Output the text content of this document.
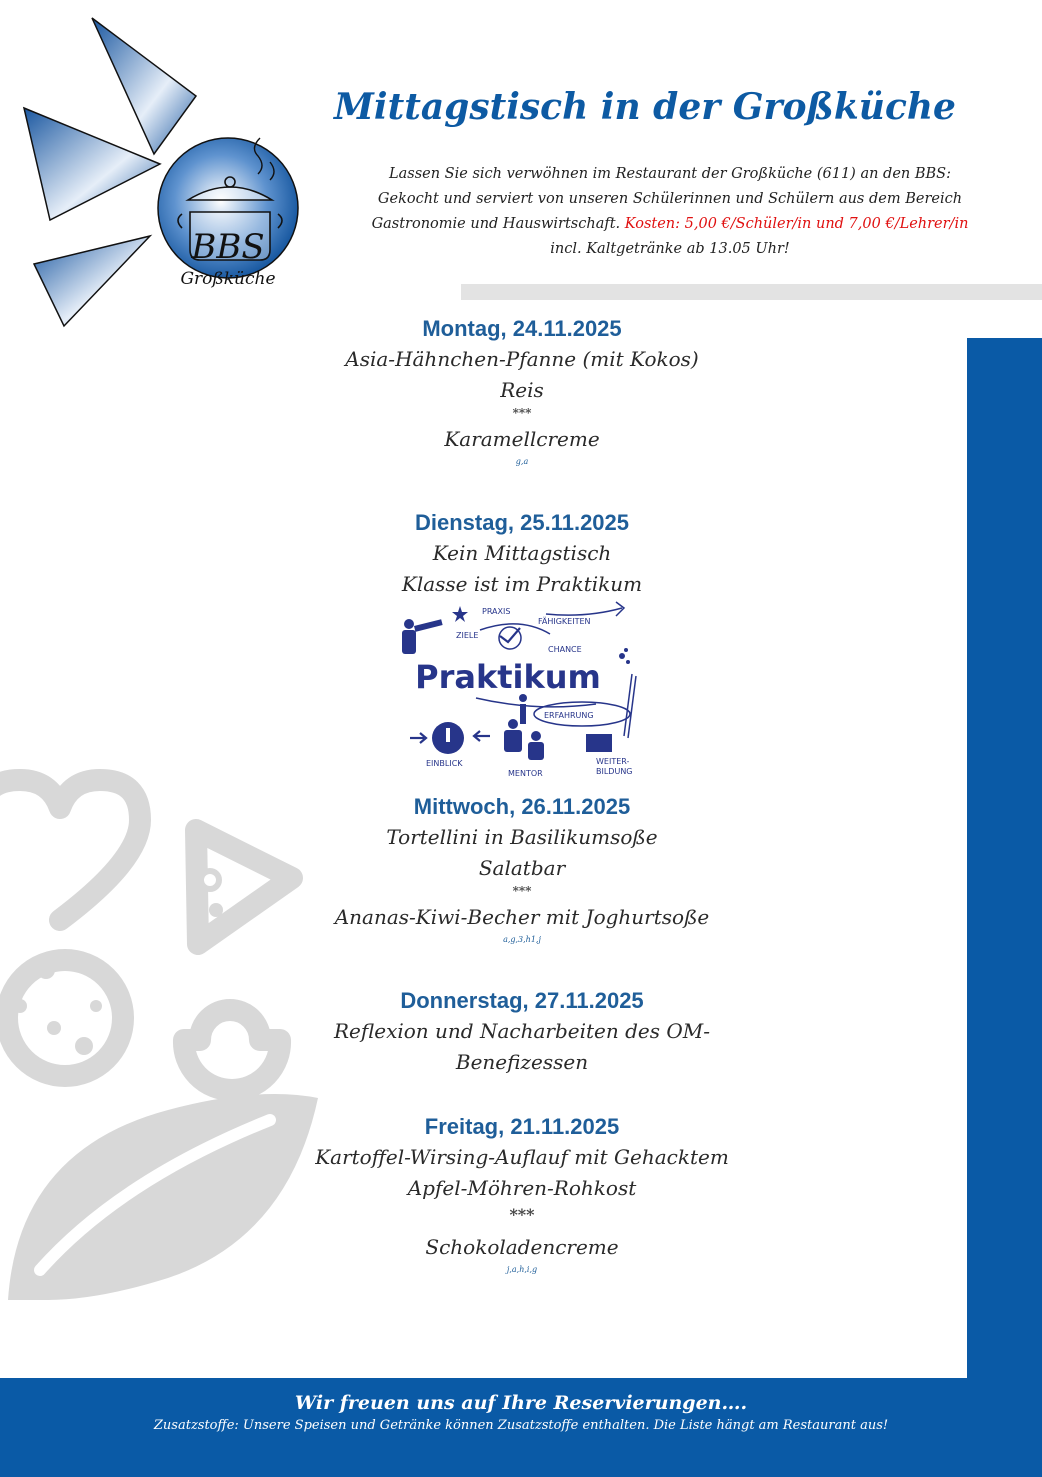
BBS
Großküche
Mittagstisch in der Großküche
Lassen Sie sich verwöhnen im Restaurant der Großküche (611) an den BBS:
Gekocht und serviert von unseren Schülerinnen und Schülern aus dem Bereich
Gastronomie und Hauswirtschaft. Kosten: 5,00 €/Schüler/in und 7,00 €/Lehrer/in
incl. Kaltgetränke ab 13.05 Uhr!
Montag, 24.11.2025
Asia-Hähnchen-Pfanne (mit Kokos)
Reis
***
Karamellcreme
g,a
Dienstag, 25.11.2025
Kein Mittagstisch
Klasse ist im Praktikum
Praktikum
PRAXIS
ZIELE
FÄHIGKEITEN
CHANCE
ERFAHRUNG
EINBLICK
MENTOR
WEITER-
BILDUNG
Mittwoch, 26.11.2025
Tortellini in Basilikumsoße
Salatbar
***
Ananas-Kiwi-Becher mit Joghurtsoße
a,g,3,h1,j
Donnerstag, 27.11.2025
Reflexion und Nacharbeiten des OM-Benefizessen
Freitag, 21.11.2025
Kartoffel-Wirsing-Auflauf mit Gehacktem
Apfel-Möhren-Rohkost
***
Schokoladencreme
j,a,h,i,g
Wir freuen uns auf Ihre Reservierungen….
Zusatzstoffe: Unsere Speisen und Getränke können Zusatzstoffe enthalten. Die Liste hängt am Restaurant aus!
